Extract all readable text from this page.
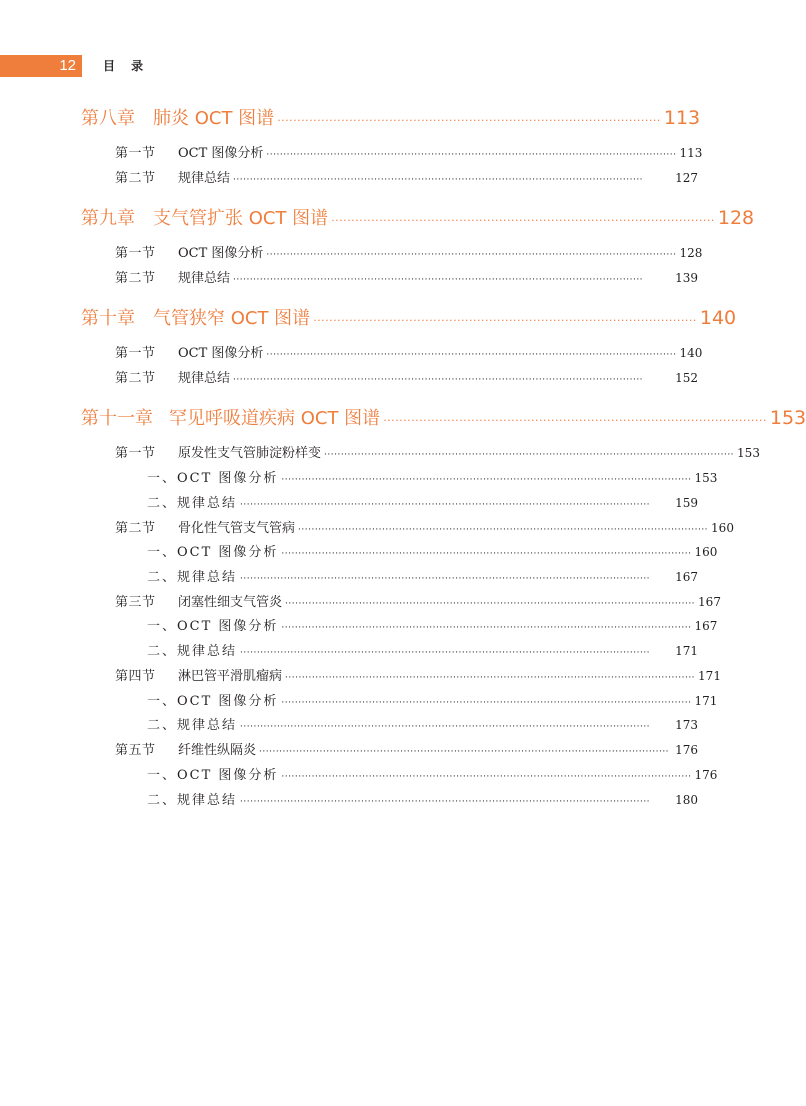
12 目 录
第八章	肺炎 OCT 图谱 ································································································ 113
第一节	OCT 图像分析 ·························································································································· 113
第二节	规律总结 ··························································································································	127
第九章	支气管扩张 OCT 图谱 ································································································ 128
第一节	OCT 图像分析 ·························································································································· 128
第二节	规律总结 ··························································································································	139
第十章	气管狭窄 OCT 图谱 ································································································ 140
第一节	OCT 图像分析 ·························································································································· 140
第二节	规律总结 ··························································································································	152
第十一章 罕见呼吸道疾病 OCT 图谱 ································································································ 153
第一节	原发性支气管肺淀粉样变 ·························································································································· 153
一、OCT 图像分析 ·························································································································· 153
二、规律总结 ··························································································································	159
第二节	骨化性气管支气管病 ·························································································································· 160
一、OCT 图像分析 ·························································································································· 160
二、规律总结 ··························································································································	167
第三节	闭塞性细支气管炎 ·························································································································· 167
一、OCT 图像分析 ·························································································································· 167
二、规律总结 ··························································································································	171
第四节	淋巴管平滑肌瘤病 ·························································································································· 171
一、OCT 图像分析 ·························································································································· 171
二、规律总结 ··························································································································	173
第五节	纤维性纵隔炎 ·························································································································· 176
一、OCT 图像分析 ·························································································································· 176
二、规律总结 ··························································································································	180
